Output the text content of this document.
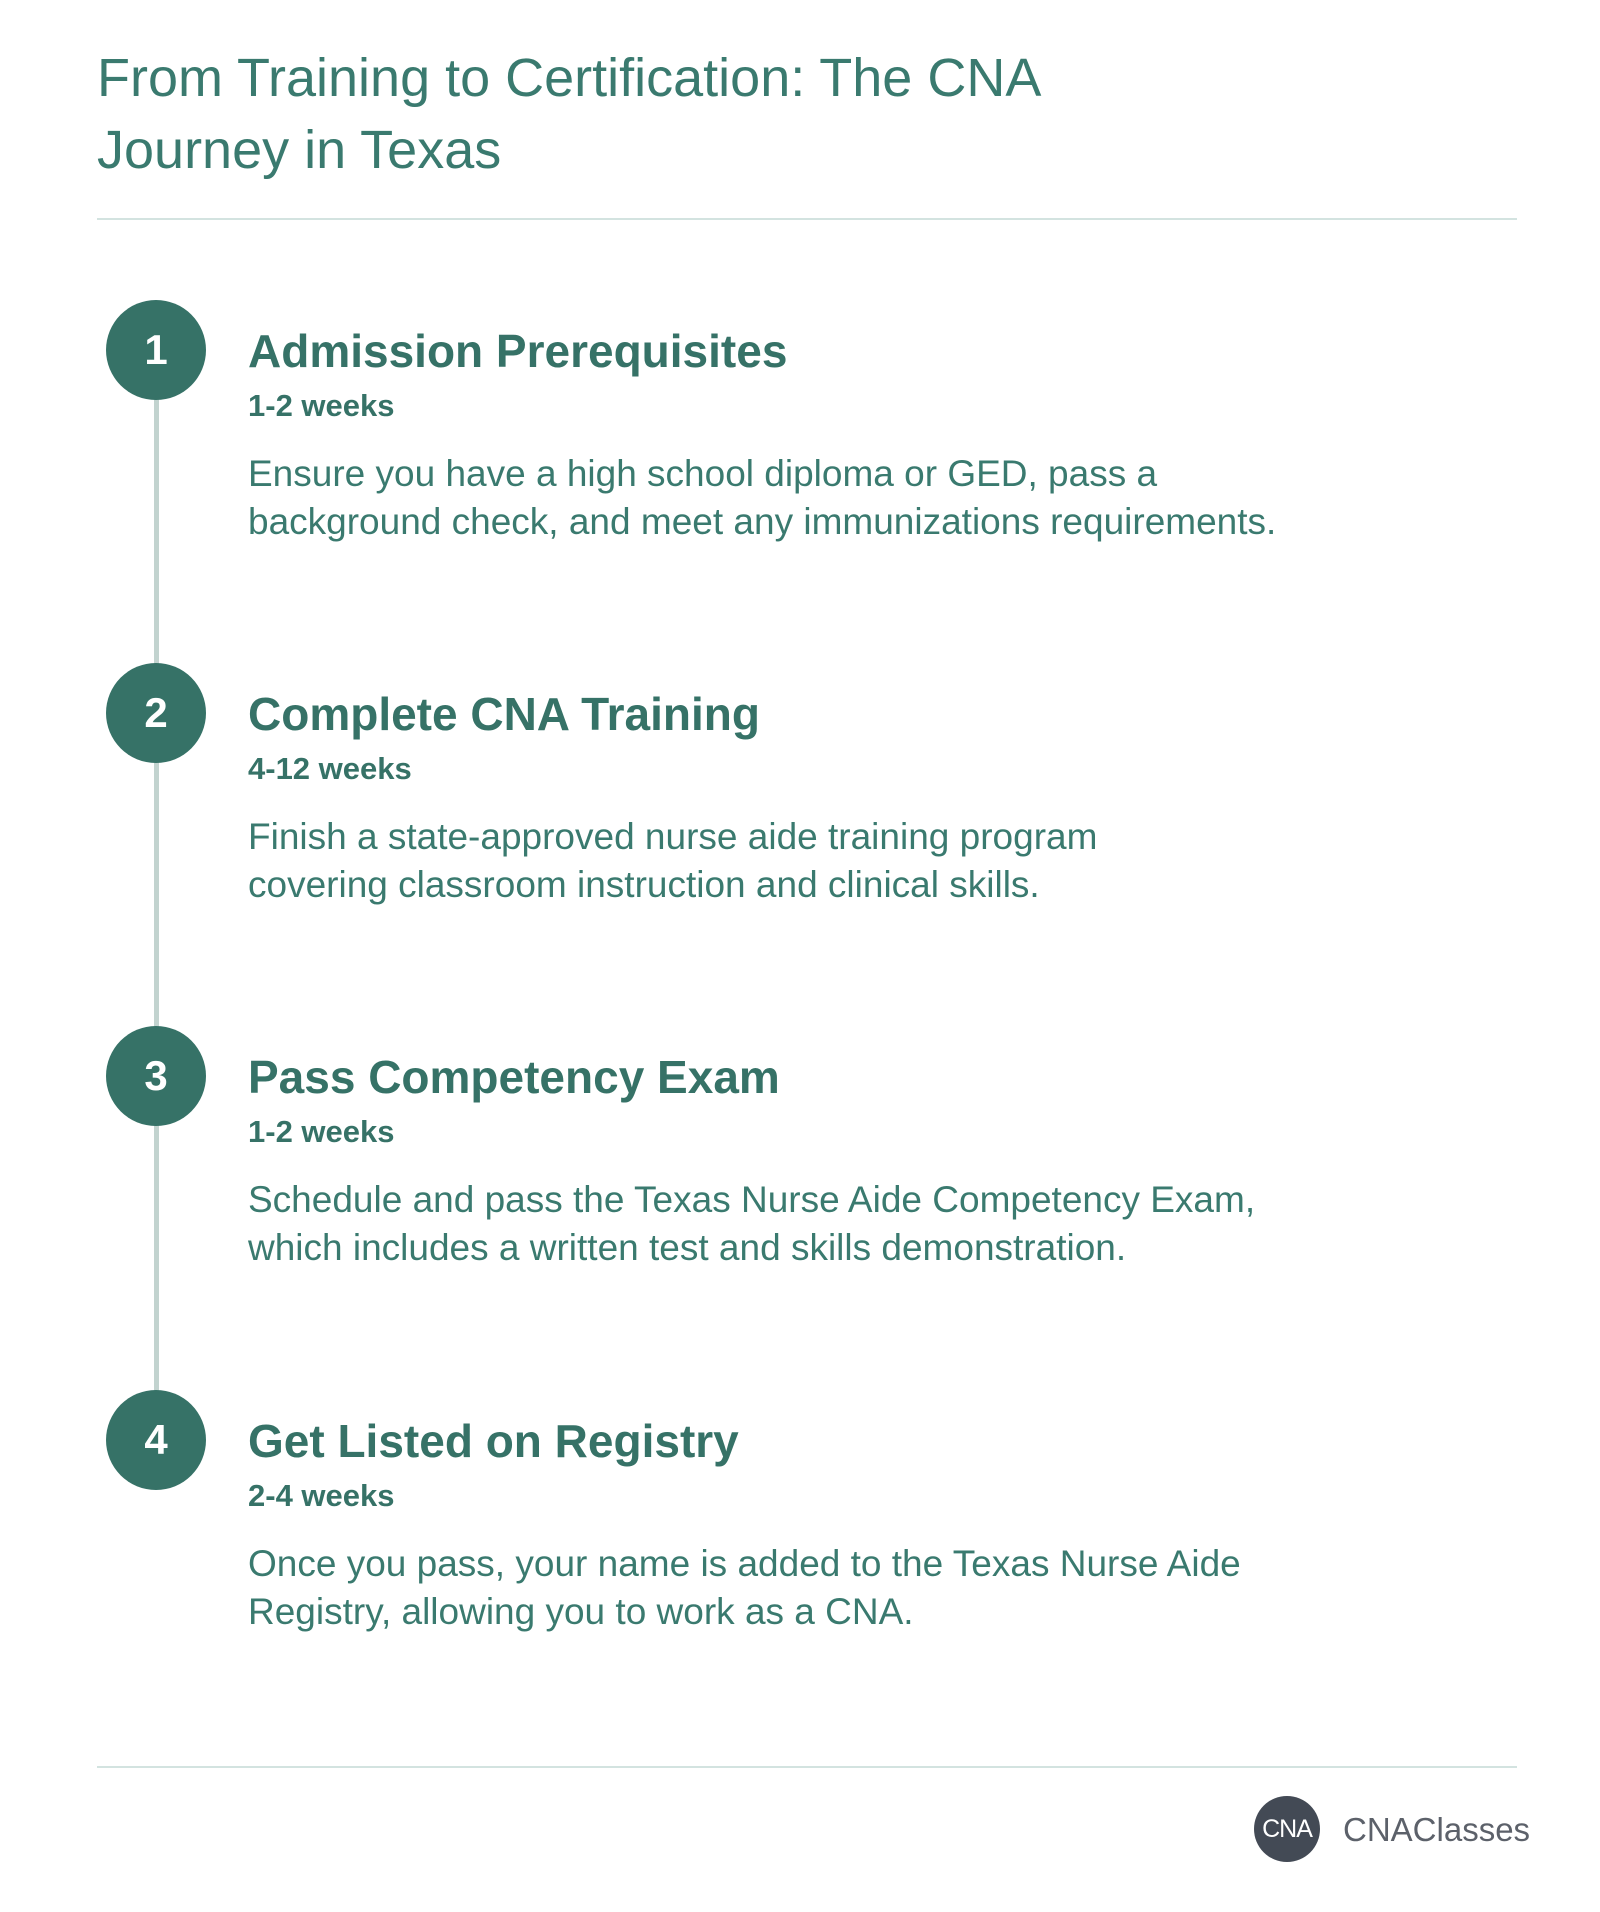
From Training to Certification: The CNA Journey in Texas
1	Admission Prerequisites
1-2 weeks

Ensure you have a high school diploma or GED, pass a background check, and meet any immunizations requirements.

2	Complete CNA Training
4-12 weeks

Finish a state-approved nurse aide training program covering classroom instruction and clinical skills.

3	Pass Competency Exam
1-2 weeks

Schedule and pass the Texas Nurse Aide Competency Exam, which includes a written test and skills demonstration.

4	Get Listed on Registry
2-4 weeks

Once you pass, your name is added to the Texas Nurse Aide Registry, allowing you to work as a CNA.

CNA CNAClasses
